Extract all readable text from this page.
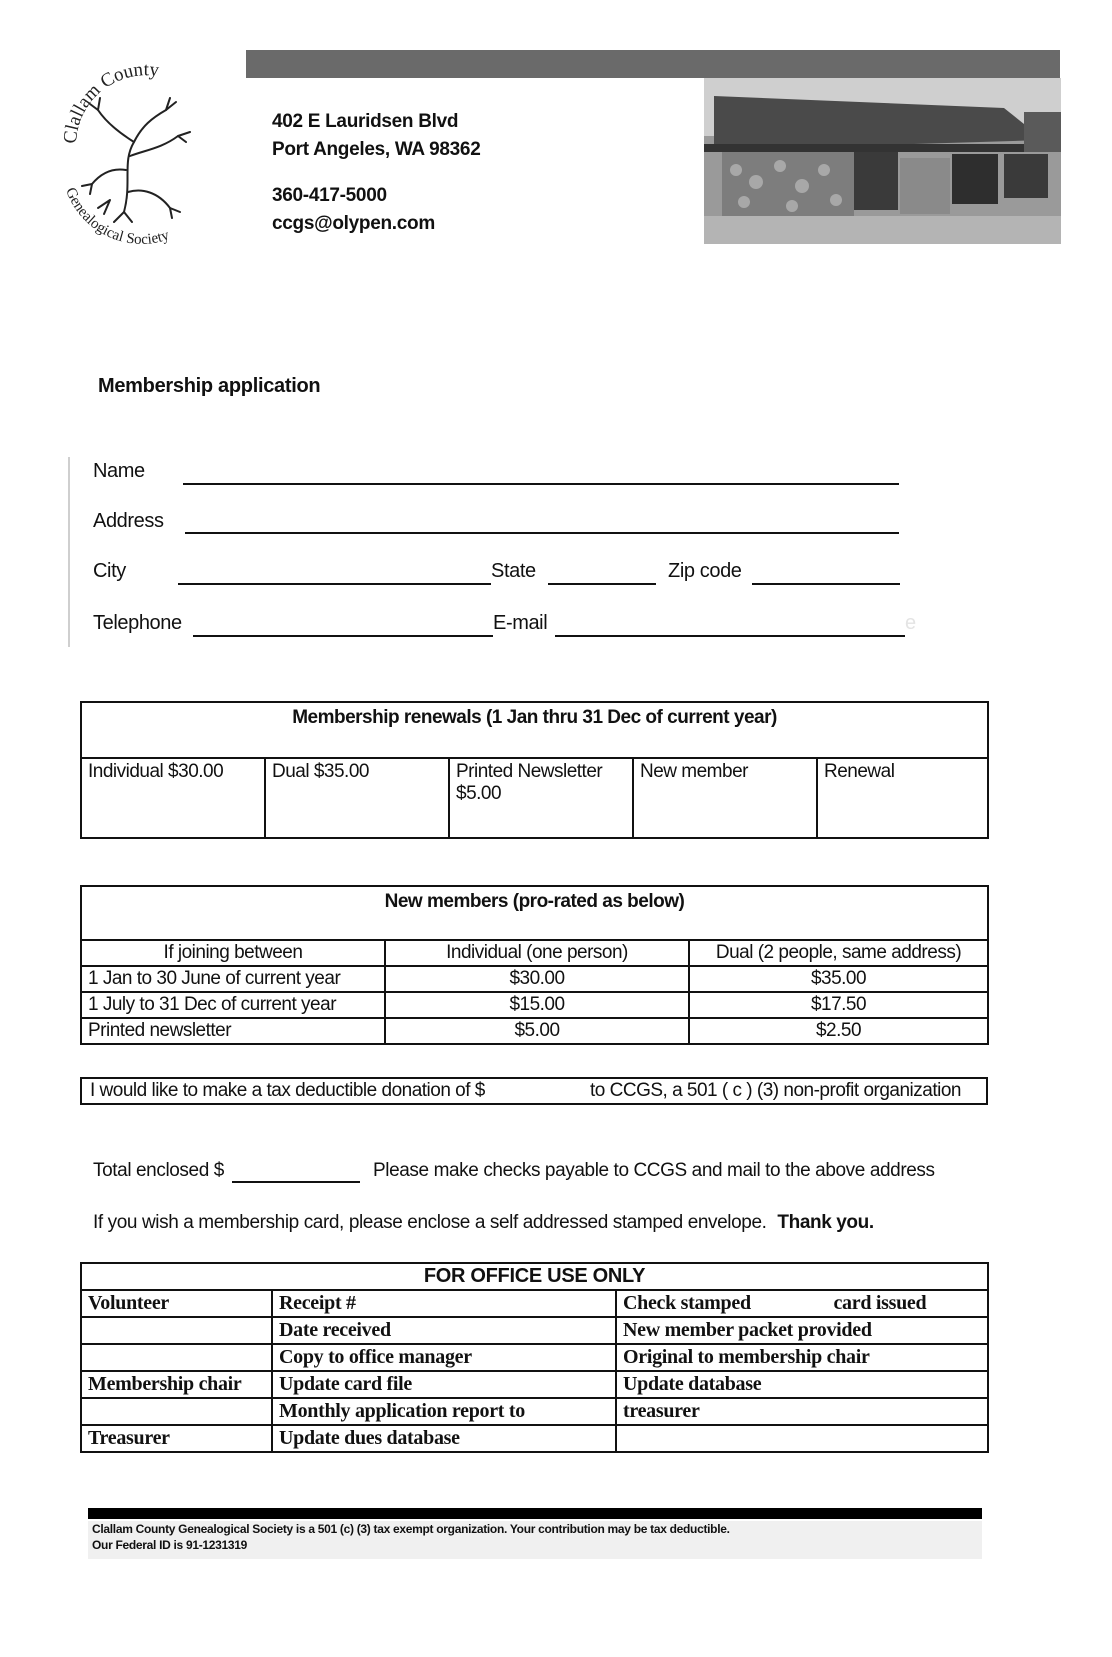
Clallam County
Genealogical Society
402 E Lauridsen Blvd
Port Angeles, WA 98362
360-417-5000
ccgs@olypen.com
Membership application
Name
Address
City	State	Zip code
Telephone	E-mail	e
Membership renewals (1 Jan thru 31 Dec of current year)
Individual $30.00	Dual $35.00	Printed Newsletter $5.00	New member	Renewal
New members (pro-rated as below)		
If joining between	Individual (one person)	Dual (2 people, same address)
1 Jan to 30 June of current year	$30.00	$35.00
1 July to 31 Dec of current year	$15.00	$17.50
Printed newsletter	$5.00	$2.50
I would like to make a tax deductible donation of $	to CCGS, a 501 ( c ) (3) non-profit organization
Total enclosed $	Please make checks payable to CCGS and mail to the above address
If you wish a membership card, please enclose a self addressed stamped envelope. Thank you.
FOR OFFICE USE ONLY		
Volunteer	Receipt #	Check stamped card issued
	Date received	New member packet provided
	Copy to office manager	Original to membership chair
Membership chair	Update card file	Update database
	Monthly application report to	treasurer
Treasurer	Update dues database	
Clallam County Genealogical Society is a 501 (c) (3) tax exempt organization. Your contribution may be tax deductible.
Our Federal ID is 91-1231319
